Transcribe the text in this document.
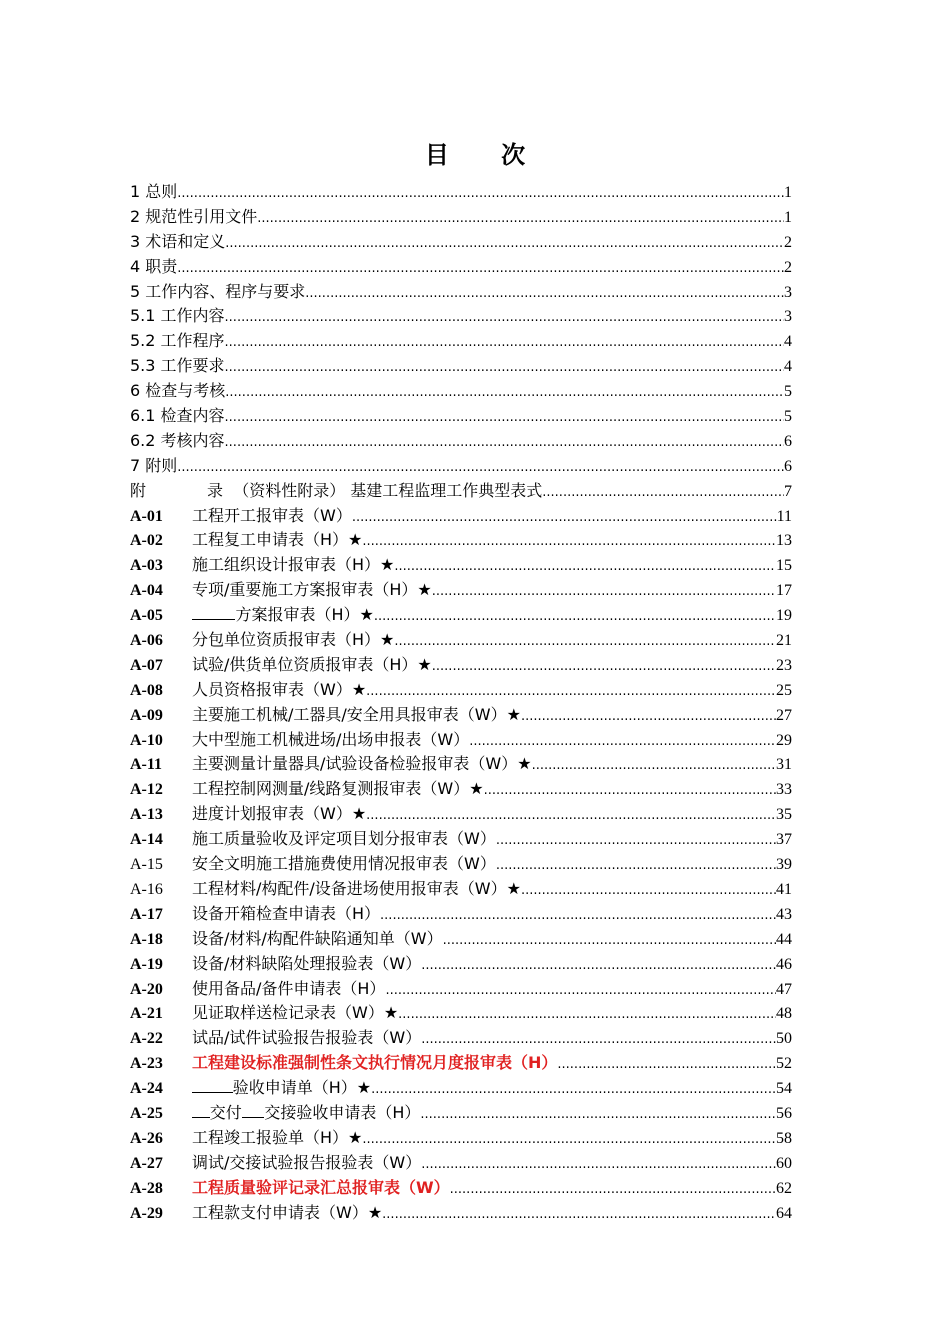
目 次
1 总则 .....	1
2 规范性引用文件 .....	1
3 术语和定义 .....	2
4 职责 .....	2
5 工作内容、程序与要求 .....	3
5.1 工作内容 .....	3
5.2 工作程序 .....	4
5.3 工作要求 .....	4
6 检查与考核 .....	5
6.1 检查内容 .....	5
6.2 考核内容 .....	6
7 附则 .....	6
附	录 （资料性附录） 基建工程监理工作典型表式 .....	7
A-01	工程开工报审表（W） .....	11
A-02	工程复工申请表（H）★ .....	13
A-03	施工组织设计报审表（H）★ .....	15
A-04	专项/重要施工方案报审表（H）★ .....	17
A-05	方案报审表（H）★ .....	19
A-06	分包单位资质报审表（H）★ .....	21
A-07	试验/供货单位资质报审表（H）★ .....	23
A-08	人员资格报审表（W）★ .....	25
A-09	主要施工机械/工器具/安全用具报审表（W）★ .....	27
A-10	大中型施工机械进场/出场申报表（W） .....	29
A-11	主要测量计量器具/试验设备检验报审表（W）★ .....	31
A-12	工程控制网测量/线路复测报审表（W）★ .....	33
A-13	进度计划报审表（W）★ .....	35
A-14	施工质量验收及评定项目划分报审表（W） .....	37
A-15	安全文明施工措施费使用情况报审表（W） .....	39
A-16	工程材料/构配件/设备进场使用报审表（W）★ .....	41
A-17	设备开箱检查申请表（H） .....	43
A-18	设备/材料/构配件缺陷通知单（W） .....	44
A-19	设备/材料缺陷处理报验表（W） .....	46
A-20	使用备品/备件申请表（H） .....	47
A-21	见证取样送检记录表（W）★ .....	48
A-22	试品/试件试验报告报验表（W） .....	50
A-23	工程建设标准强制性条文执行情况月度报审表（H） .....	52
A-24	验收申请单（H）★ .....	54
A-25	交付 交接验收申请表（H） .....	56
A-26	工程竣工报验单（H）★ .....	58
A-27	调试/交接试验报告报验表（W） .....	60
A-28	工程质量验评记录汇总报审表（W） .....	62
A-29	工程款支付申请表（W）★ .....	64
